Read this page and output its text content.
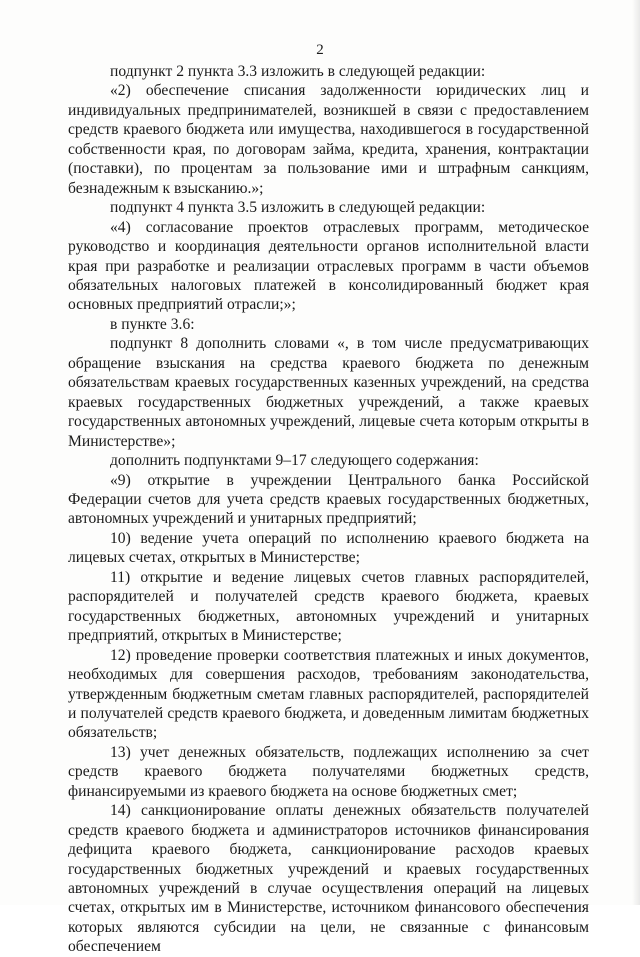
2

подпункт 2 пункта 3.3 изложить в следующей редакции:

«2) обеспечение списания задолженности юридических лиц и индивидуальных предпринимателей, возникшей в связи с предоставлением средств краевого бюджета или имущества, находившегося в государственной собственности края, по договорам займа, кредита, хранения, контрактации (поставки), по процентам за пользование ими и штрафным санкциям, безнадежным к взысканию.»;

подпункт 4 пункта 3.5 изложить в следующей редакции:

«4) согласование проектов отраслевых программ, методическое руководство и координация деятельности органов исполнительной власти края при разработке и реализации отраслевых программ в части объемов обязательных налоговых платежей в консолидированный бюджет края основных предприятий отрасли;»;

в пункте 3.6:

подпункт 8 дополнить словами «, в том числе предусматривающих обращение взыскания на средства краевого бюджета по денежным обязательствам краевых государственных казенных учреждений, на средства краевых государственных бюджетных учреждений, а также краевых государственных автономных учреждений, лицевые счета которым открыты в Министерстве»;

дополнить подпунктами 9–17 следующего содержания:

«9) открытие в учреждении Центрального банка Российской Федерации счетов для учета средств краевых государственных бюджетных, автономных учреждений и унитарных предприятий;

10) ведение учета операций по исполнению краевого бюджета на лицевых счетах, открытых в Министерстве;

11) открытие и ведение лицевых счетов главных распорядителей, распорядителей и получателей средств краевого бюджета, краевых государственных бюджетных, автономных учреждений и унитарных предприятий, открытых в Министерстве;

12) проведение проверки соответствия платежных и иных документов, необходимых для совершения расходов, требованиям законодательства, утвержденным бюджетным сметам главных распорядителей, распорядителей и получателей средств краевого бюджета, и доведенным лимитам бюджетных обязательств;

13) учет денежных обязательств, подлежащих исполнению за счет средств краевого бюджета получателями бюджетных средств, финансируемыми из краевого бюджета на основе бюджетных смет;

14) санкционирование оплаты денежных обязательств получателей средств краевого бюджета и администраторов источников финансирования дефицита краевого бюджета, санкционирование расходов краевых государственных бюджетных учреждений и краевых государственных автономных учреждений в случае осуществления операций на лицевых счетах, открытых им в Министерстве, источником финансового обеспечения которых являются субсидии на цели, не связанные с финансовым обеспечением
